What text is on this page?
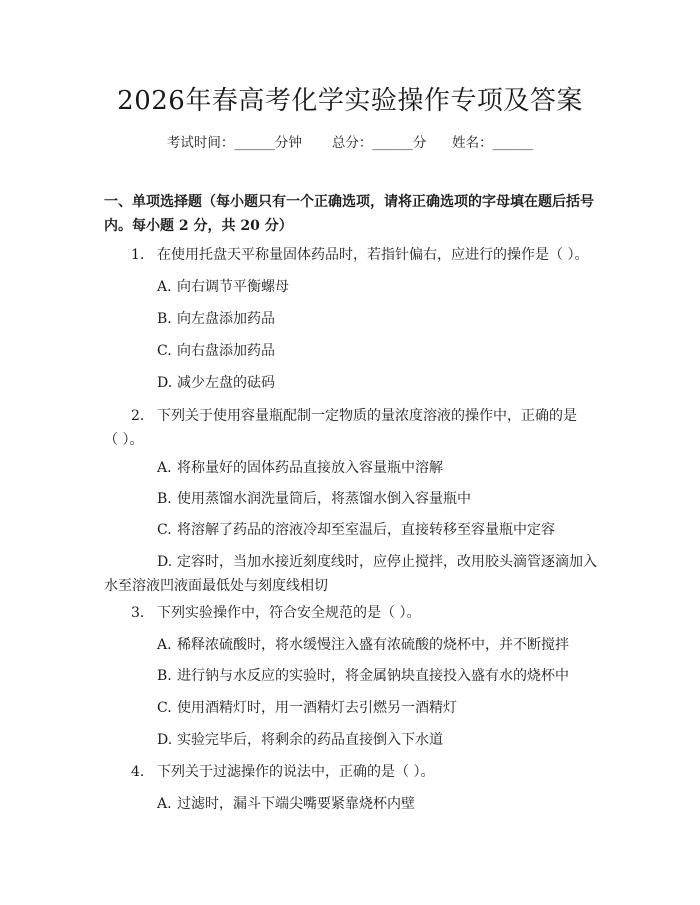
2026年春高考化学实验操作专项及答案
考试时间：______分钟 总分：______分 姓名：______
一、单项选择题（每小题只有一个正确选项，请将正确选项的字母填在题后括号
内。每小题 2 分，共 20 分）
1. 在使用托盘天平称量固体药品时，若指针偏右，应进行的操作是（ ）。
A. 向右调节平衡螺母
B. 向左盘添加药品
C. 向右盘添加药品
D. 减少左盘的砝码
2. 下列关于使用容量瓶配制一定物质的量浓度溶液的操作中，正确的是
（ ）。
A. 将称量好的固体药品直接放入容量瓶中溶解
B. 使用蒸馏水润洗量筒后，将蒸馏水倒入容量瓶中
C. 将溶解了药品的溶液冷却至室温后，直接转移至容量瓶中定容
D. 定容时，当加水接近刻度线时，应停止搅拌，改用胶头滴管逐滴加入
水至溶液凹液面最低处与刻度线相切
3. 下列实验操作中，符合安全规范的是（ ）。
A. 稀释浓硫酸时，将水缓慢注入盛有浓硫酸的烧杯中，并不断搅拌
B. 进行钠与水反应的实验时，将金属钠块直接投入盛有水的烧杯中
C. 使用酒精灯时，用一酒精灯去引燃另一酒精灯
D. 实验完毕后，将剩余的药品直接倒入下水道
4. 下列关于过滤操作的说法中，正确的是（ ）。
A. 过滤时，漏斗下端尖嘴要紧靠烧杯内壁
